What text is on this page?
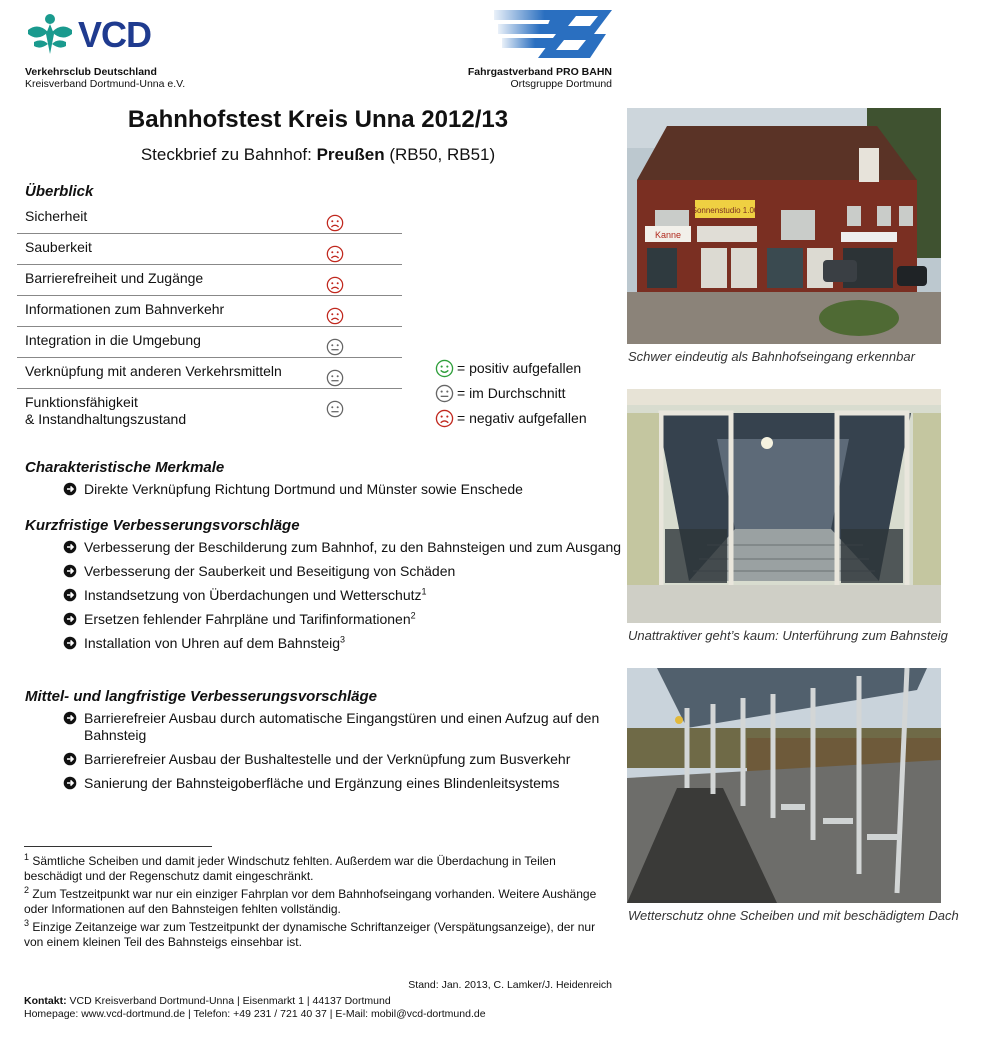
VCD
Verkehrsclub Deutschland
Kreisverband Dortmund-Unna e.V.
Fahrgastverband PRO BAHN
Ortsgruppe Dortmund
Bahnhofstest Kreis Unna 2012/13
Steckbrief zu Bahnhof: Preußen (RB50, RB51)
Überblick
Sicherheit
Sauberkeit
Barrierefreiheit und Zugänge
Informationen zum Bahnverkehr
Integration in die Umgebung
Verknüpfung mit anderen Verkehrsmitteln
Funktionsfähigkeit
& Instandhaltungszustand
= positiv aufgefallen
= im Durchschnitt
= negativ aufgefallen
Charakteristische Merkmale
Direkte Verknüpfung Richtung Dortmund und Münster sowie Enschede
Kurzfristige Verbesserungsvorschläge
Verbesserung der Beschilderung zum Bahnhof, zu den Bahnsteigen und zum Ausgang
Verbesserung der Sauberkeit und Beseitigung von Schäden
Instandsetzung von Überdachungen und Wetterschutz$^1$
Ersetzen fehlender Fahrpläne und Tarifinformationen$^2$
Installation von Uhren auf dem Bahnsteig$^3$
Mittel- und langfristige Verbesserungsvorschläge
Barrierefreier Ausbau durch automatische Eingangstüren und einen Aufzug auf den Bahnsteig
Barrierefreier Ausbau der Bushaltestelle und der Verknüpfung zum Busverkehr
Sanierung der Bahnsteigoberfläche und Ergänzung eines Blindenleitsystems

$^1$ Sämtliche Scheiben und damit jeder Windschutz fehlten. Außerdem war die Überdachung in Teilen beschädigt und der Regenschutz damit eingeschränkt.

$^2$ Zum Testzeitpunkt war nur ein einziger Fahrplan vor dem Bahnhofseingang vorhanden. Weitere Aushänge oder Informationen auf den Bahnsteigen fehlten vollständig.

$^3$ Einzige Zeitanzeige war zum Testzeitpunkt der dynamische Schriftanzeiger (Verspätungsanzeige), der nur von einem kleinen Teil des Bahnsteigs einsehbar ist.

Stand: Jan. 2013, C. Lamker/J. Heidenreich
Kontakt: VCD Kreisverband Dortmund-Unna | Eisenmarkt 1 | 44137 Dortmund
Homepage: www.vcd-dortmund.de | Telefon: +49 231 / 721 40 37 | E-Mail: mobil@vcd-dortmund.de
Sonnenstudio 1.00
Kanne
Schwer eindeutig als Bahnhofseingang erkennbar
Unattraktiver geht’s kaum: Unterführung zum Bahnsteig
Wetterschutz ohne Scheiben und mit beschädigtem Dach
